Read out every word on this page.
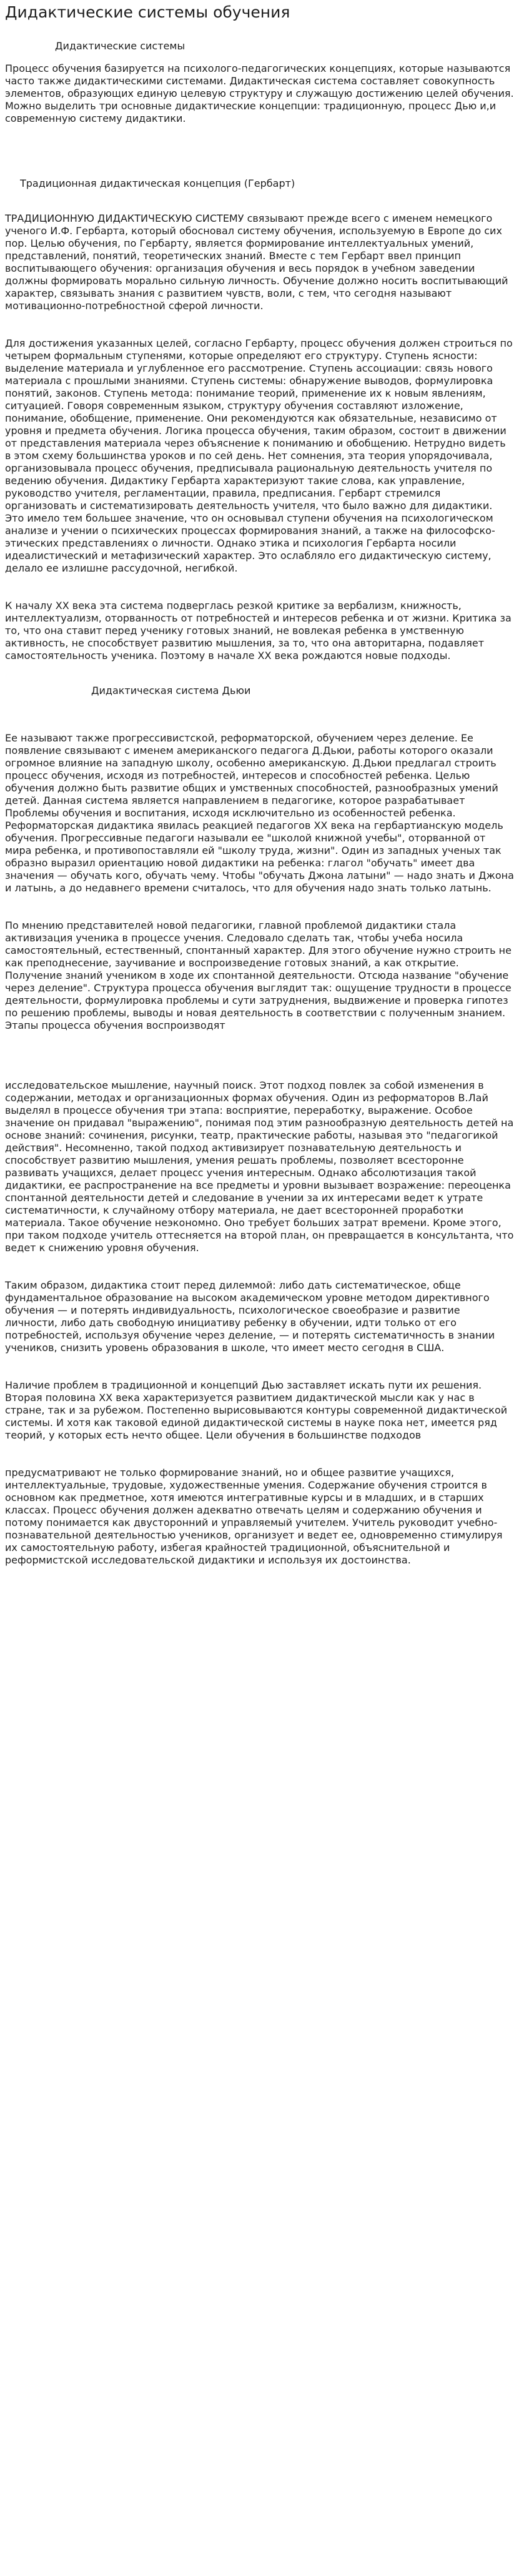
Дидактические системы обучения
Дидактические системы

Процесс обучения базируется на психолого-педагогических концепциях, которые называются часто также дидактическими системами. Дидактическая система составляет совокупность элементов, образующих единую целевую структуру и служащую достижению целей обучения. Можно выделить три основные дидактические концепции: традиционную, процесс Дью и,и современную систему дидактики.

Традиционная дидактическая концепция (Гербарт)

ТРАДИЦИОННУЮ ДИДАКТИЧЕСКУЮ СИСТЕМУ связывают прежде всего с именем немецкого ученого И.Ф. Гербарта, который обосновал систему обучения, используемую в Европе до сих пор. Целью обучения, по Гербарту, является формирование интеллектуальных умений, представлений, понятий, теоретических знаний. Вместе с тем Гербарт ввел принцип воспитывающего обучения: организация обучения и весь порядок в учебном заведении должны формировать морально сильную личность. Обучение должно носить воспитывающий характер, связывать знания с развитием чувств, воли, с тем, что сегодня называют мотивационно-потребностной сферой личности.

Для достижения указанных целей, согласно Гербарту, процесс обучения должен строиться по четырем формальным ступенями, которые определяют его структуру. Ступень ясности: выделение материала и углубленное его рассмотрение. Ступень ассоциации: связь нового материала с прошлыми знаниями. Ступень системы: обнаружение выводов, формулировка понятий, законов. Ступень метода: понимание теорий, применение их к новым явлениям, ситуацией. Говоря современным языком, структуру обучения составляют изложение, понимание, обобщение, применение. Они рекомендуются как обязательные, независимо от уровня и предмета обучения. Логика процесса обучения, таким образом, состоит в движении от представления материала через объяснение к пониманию и обобщению. Нетрудно видеть в этом схему большинства уроков и по сей день. Нет сомнения, эта теория упорядочивала, организовывала процесс обучения, предписывала рациональную деятельность учителя по ведению обучения. Дидактику Гербарта характеризуют такие слова, как управление, руководство учителя, регламентации, правила, предписания. Гербарт стремился организовать и систематизировать деятельность учителя, что было важно для дидактики. Это имело тем большее значение, что он основывал ступени обучения на психологическом анализе и учении о психических процессах формирования знаний, а также на философско-этических представлениях о личности. Однако этика и психология Гербарта носили идеалистический и метафизический характер. Это ослабляло его дидактическую систему, делало ее излишне рассудочной, негибкой.

К началу XX века эта система подверглась резкой критике за вербализм, книжность, интеллектуализм, оторванность от потребностей и интересов ребенка и от жизни. Критика за то, что она ставит перед ученику готовых знаний, не вовлекая ребенка в умственную активность, не способствует развитию мышления, за то, что она авторитарна, подавляет самостоятельность ученика. Поэтому в начале XX века рождаются новые подходы.

Дидактическая система Дьюи

Ее называют также прогрессивистской, реформаторской, обучением через деление. Ее появление связывают с именем американского педагога Д.Дьюи, работы которого оказали огромное влияние на западную школу, особенно американскую. Д.Дьюи предлагал строить процесс обучения, исходя из потребностей, интересов и способностей ребенка. Целью обучения должно быть развитие общих и умственных способностей, разнообразных умений детей. Данная система является направлением в педагогике, которое разрабатывает Проблемы обучения и воспитания, исходя исключительно из особенностей ребенка. Реформаторская дидактика явилась реакцией педагогов XX века на гербартианскую модель обучения. Прогрессивные педагоги называли ее "школой книжной учебы", оторванной от мира ребенка, и противопоставляли ей "школу труда, жизни". Один из западных ученых так образно выразил ориентацию новой дидактики на ребенка: глагол "обучать" имеет два значения — обучать кого, обучать чему. Чтобы "обучать Джона латыни" — надо знать и Джона и латынь, а до недавнего времени считалось, что для обучения надо знать только латынь.

По мнению представителей новой педагогики, главной проблемой дидактики стала активизация ученика в процессе учения. Следовало сделать так, чтобы учеба носила самостоятельный, естественный, спонтанный характер. Для этого обучение нужно строить не как преподнесение, заучивание и воспроизведение готовых знаний, а как открытие. Получение знаний учеником в ходе их спонтанной деятельности. Отсюда название "обучение через деление". Структура процесса обучения выглядит так: ощущение трудности в процессе деятельности, формулировка проблемы и сути затруднения, выдвижение и проверка гипотез по решению проблемы, выводы и новая деятельность в соответствии с полученным знанием. Этапы процесса обучения воспроизводят

исследовательское мышление, научный поиск. Этот подход повлек за собой изменения в содержании, методах и организационных формах обучения. Один из реформаторов В.Лай выделял в процессе обучения три этапа: восприятие, переработку, выражение. Особое значение он придавал "выражению", понимая под этим разнообразную деятельность детей на основе знаний: сочинения, рисунки, театр, практические работы, называя это "педагогикой действия". Несомненно, такой подход активизирует познавательную деятельность и способствует развитию мышления, умения решать проблемы, позволяет всесторонне развивать учащихся, делает процесс учения интересным. Однако абсолютизация такой дидактики, ее распространение на все предметы и уровни вызывает возражение: переоценка спонтанной деятельности детей и следование в учении за их интересами ведет к утрате систематичности, к случайному отбору материала, не дает всесторонней проработки материала. Такое обучение неэкономно. Оно требует больших затрат времени. Кроме этого, при таком подходе учитель оттесняется на второй план, он превращается в консультанта, что ведет к снижению уровня обучения.

Таким образом, дидактика стоит перед дилеммой: либо дать систематическое, обще фундаментальное образование на высоком академическом уровне методом директивного обучения — и потерять индивидуальность, психологическое своеобразие и развитие личности, либо дать свободную инициативу ребенку в обучении, идти только от его потребностей, используя обучение через деление, — и потерять систематичность в знании учеников, снизить уровень образования в школе, что имеет место сегодня в США.

Наличие проблем в традиционной и концепций Дью заставляет искать пути их решения. Вторая половина XX века характеризуется развитием дидактической мысли как у нас в стране, так и за рубежом. Постепенно вырисовываются контуры современной дидактической системы. И хотя как таковой единой дидактической системы в науке пока нет, имеется ряд теорий, у которых есть нечто общее. Цели обучения в большинстве подходов

предусматривают не только формирование знаний, но и общее развитие учащихся, интеллектуальные, трудовые, художественные умения. Содержание обучения строится в основном как предметное, хотя имеются интегративные курсы и в младших, и в старших классах. Процесс обучения должен адекватно отвечать целям и содержанию обучения и потому понимается как двусторонний и управляемый учителем. Учитель руководит учебно-познавательной деятельностью учеников, организует и ведет ее, одновременно стимулируя их самостоятельную работу, избегая крайностей традиционной, объяснительной и реформистской исследовательской дидактики и используя их достоинства.
